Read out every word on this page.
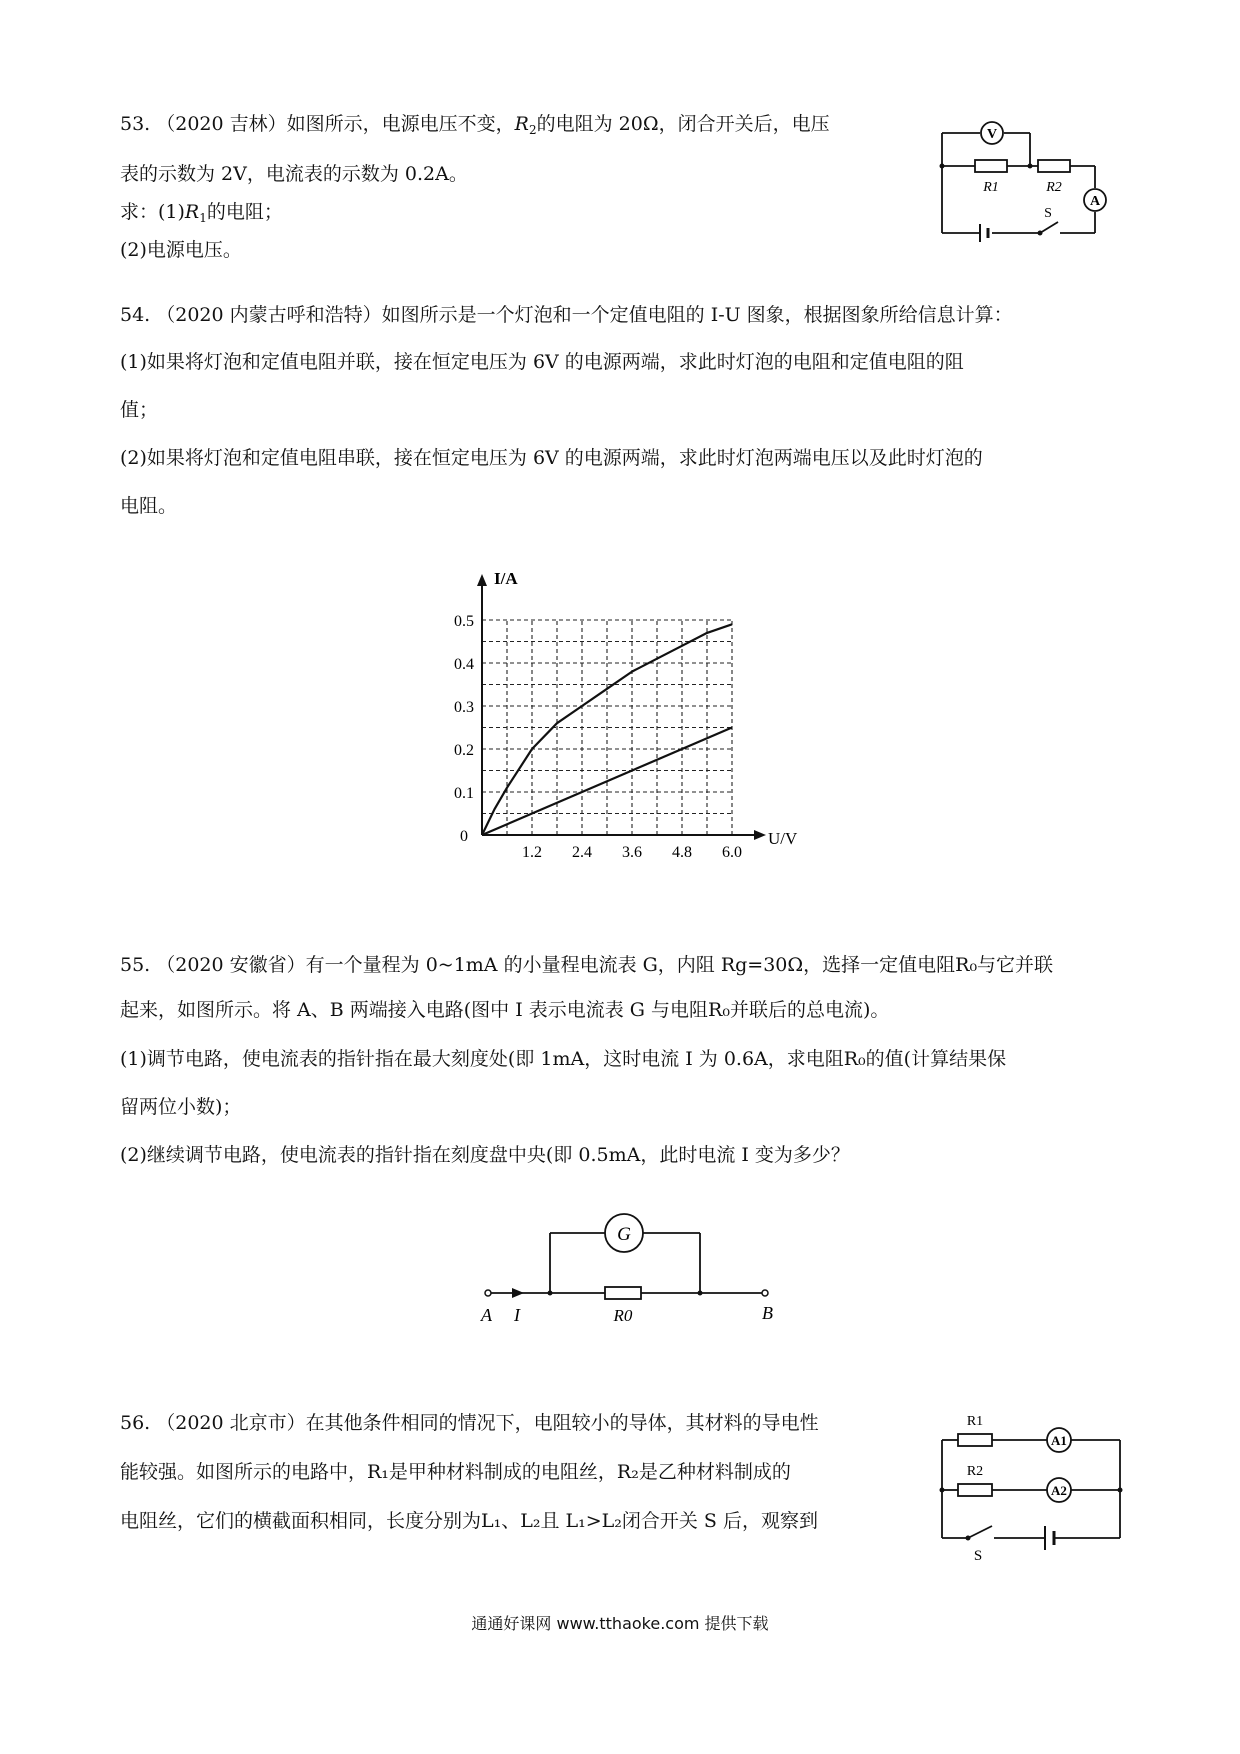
53. （2020 吉林）如图所示，电源电压不变，$R_2$的电阻为 20Ω，闭合开关后，电压
表的示数为 2V，电流表的示数为 0.2A。
求：$(1)R_1$的电阻；
(2)电源电压。
V
A
R1	R2
S
54. （2020 内蒙古呼和浩特）如图所示是一个灯泡和一个定值电阻的 I-U 图象，根据图象所给信息计算：
(1)如果将灯泡和定值电阻并联，接在恒定电压为 6V 的电源两端，求此时灯泡的电阻和定值电阻的阻
值；
(2)如果将灯泡和定值电阻串联，接在恒定电压为 6V 的电源两端，求此时灯泡两端电压以及此时灯泡的
电阻。
1.2 2.4 3.6 4.8 6.0
0.1
0.2
0.3
0.4
0.5
0	U/V
I/A
55. （2020 安徽省）有一个量程为 0~1mA 的小量程电流表 G，内阻 Rg=30Ω，选择一定值电阻R₀与它并联
起来，如图所示。将 A、B 两端接入电路(图中 I 表示电流表 G 与电阻R₀并联后的总电流)。
(1)调节电路，使电流表的指针指在最大刻度处(即 1mA，这时电流 I 为 0.6A，求电阻R₀的值(计算结果保
留两位小数)；
(2)继续调节电路，使电流表的指针指在刻度盘中央(即 0.5mA，此时电流 I 变为多少？
G
A I	R0	B
56. （2020 北京市）在其他条件相同的情况下，电阻较小的导体，其材料的导电性
能较强。如图所示的电路中，R₁是甲种材料制成的电阻丝，R₂是乙种材料制成的
电阻丝，它们的横截面积相同，长度分别为L₁、L₂且 L₁>L₂闭合开关 S 后，观察到
R1
R2
A1
A2
S
通通好课网 www.tthaoke.com 提供下载
